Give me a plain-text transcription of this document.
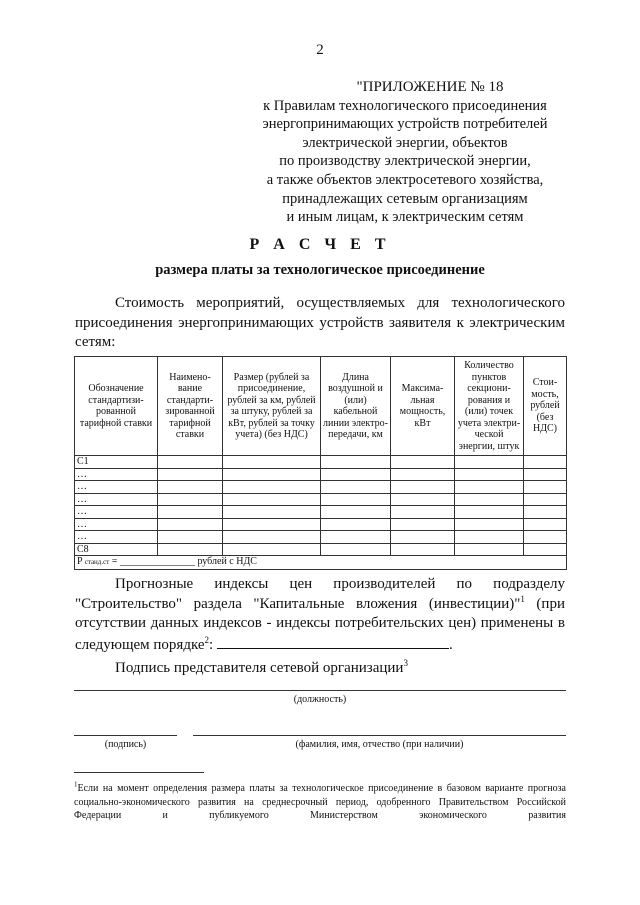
2
"ПРИЛОЖЕНИЕ № 18
к Правилам технологического присоединения
энергопринимающих устройств потребителей
электрической энергии, объектов
по производству электрической энергии,
а также объектов электросетевого хозяйства,
принадлежащих сетевым организациям
и иным лицам, к электрическим сетям
Р А С Ч Е Т
размера платы за технологическое присоединение
Стоимость мероприятий, осуществляемых для технологического присоединения энергопринимающих устройств заявителя к электрическим сетям:
Обозначение стандартизи-рованной тарифной ставки	Наимено-вание стандарти-зированной тарифной ставки	Размер (рублей за присоединение, рублей за км, рублей за штуку, рублей за кВт, рублей за точку учета) (без НДС)	Длина воздушной и (или) кабельной линии электро-передачи, км	Максима-льная мощность, кВт	Количество пунктов секциони-рования и (или) точек учета электри-ческой энергии, штук	Стои-мость, рублей (без НДС)
C1						
…						
…						
…						
…						
…						
…						
C8						
P станд.ст = _______________ рублей с НДС						
Прогнозные индексы цен производителей по подразделу "Строительство" раздела "Капитальные вложения (инвестиции)"$^1$ (при отсутствии данных индексов - индексы потребительских цен) применены в следующем порядке$^2$:	.
Подпись представителя сетевой организации$^3$
(должность)
(подпись)	(фамилия, имя, отчество (при наличии)
$^1$Если на момент определения размера платы за технологическое присоединение в базовом варианте прогноза социально-экономического развития на среднесрочный период, одобренного Правительством Российской Федерации и публикуемого Министерством экономического развития
